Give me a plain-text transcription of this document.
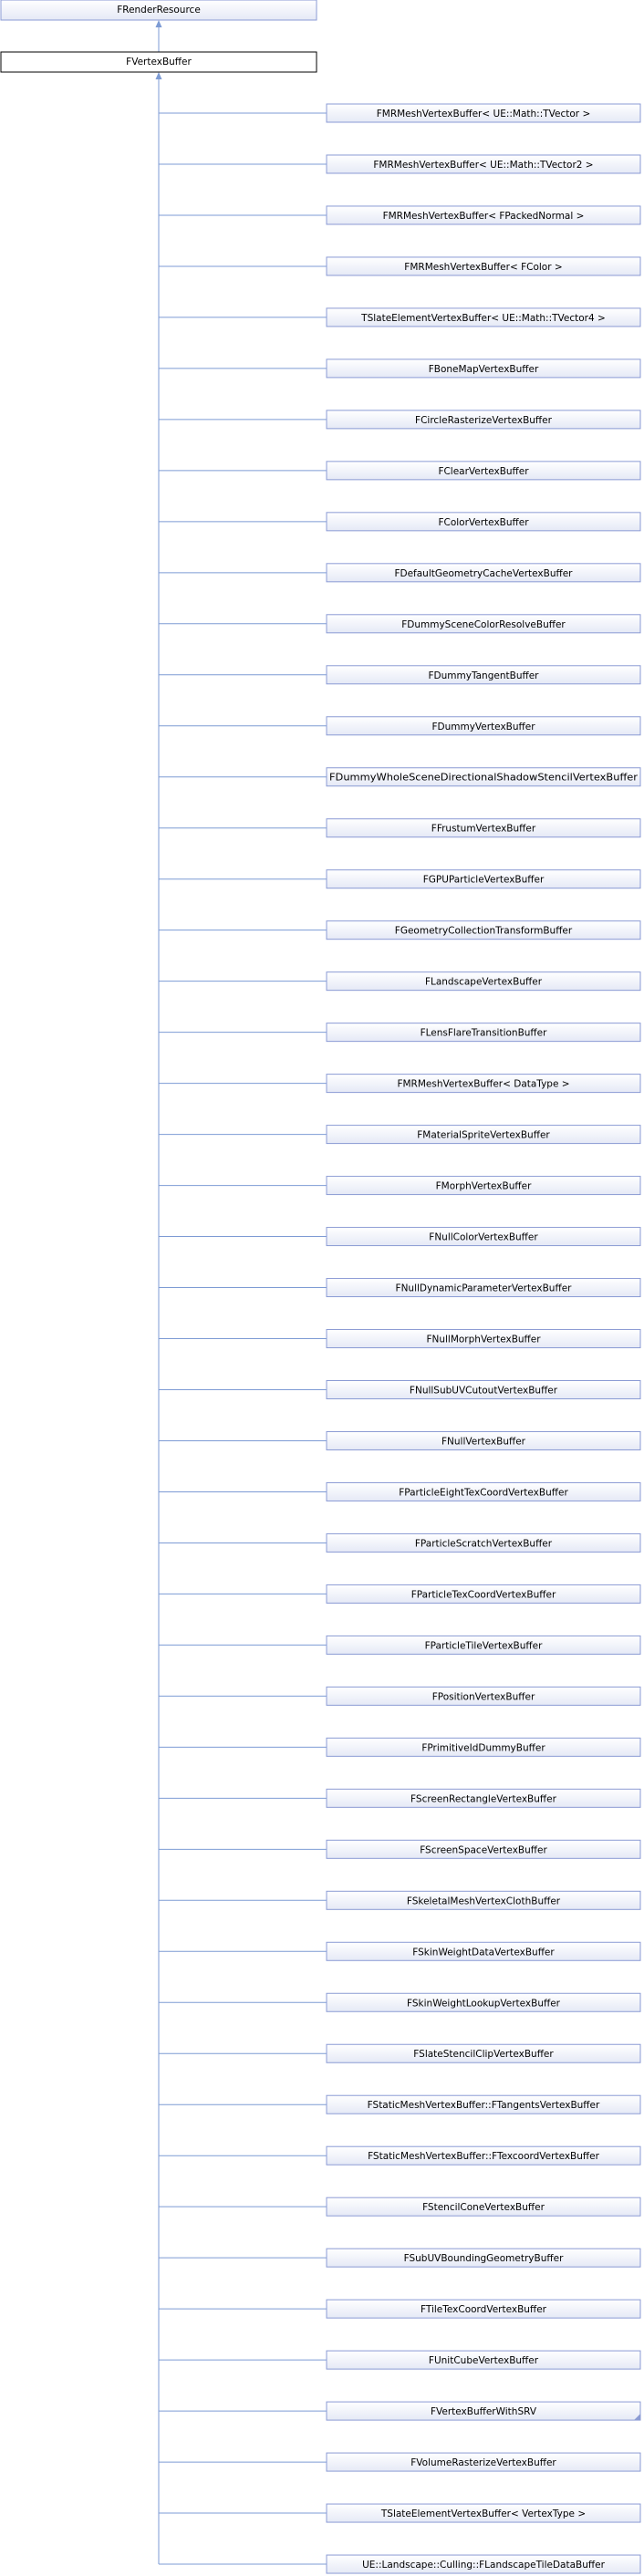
FRenderResource
FVertexBuffer
FMRMeshVertexBuffer< UE::Math::TVector >
FMRMeshVertexBuffer< UE::Math::TVector2 >
FMRMeshVertexBuffer< FPackedNormal >
FMRMeshVertexBuffer< FColor >
TSlateElementVertexBuffer< UE::Math::TVector4 >
FBoneMapVertexBuffer
FCircleRasterizeVertexBuffer
FClearVertexBuffer
FColorVertexBuffer
FDefaultGeometryCacheVertexBuffer
FDummySceneColorResolveBuffer
FDummyTangentBuffer
FDummyVertexBuffer
FDummyWholeSceneDirectionalShadowStencilVertexBuffer
FFrustumVertexBuffer
FGPUParticleVertexBuffer
FGeometryCollectionTransformBuffer
FLandscapeVertexBuffer
FLensFlareTransitionBuffer
FMRMeshVertexBuffer< DataType >
FMaterialSpriteVertexBuffer
FMorphVertexBuffer
FNullColorVertexBuffer
FNullDynamicParameterVertexBuffer
FNullMorphVertexBuffer
FNullSubUVCutoutVertexBuffer
FNullVertexBuffer
FParticleEightTexCoordVertexBuffer
FParticleScratchVertexBuffer
FParticleTexCoordVertexBuffer
FParticleTileVertexBuffer
FPositionVertexBuffer
FPrimitiveIdDummyBuffer
FScreenRectangleVertexBuffer
FScreenSpaceVertexBuffer
FSkeletalMeshVertexClothBuffer
FSkinWeightDataVertexBuffer
FSkinWeightLookupVertexBuffer
FSlateStencilClipVertexBuffer
FStaticMeshVertexBuffer::FTangentsVertexBuffer
FStaticMeshVertexBuffer::FTexcoordVertexBuffer
FStencilConeVertexBuffer
FSubUVBoundingGeometryBuffer
FTileTexCoordVertexBuffer
FUnitCubeVertexBuffer
FVertexBufferWithSRV
FVolumeRasterizeVertexBuffer
TSlateElementVertexBuffer< VertexType >
UE::Landscape::Culling::FLandscapeTileDataBuffer
